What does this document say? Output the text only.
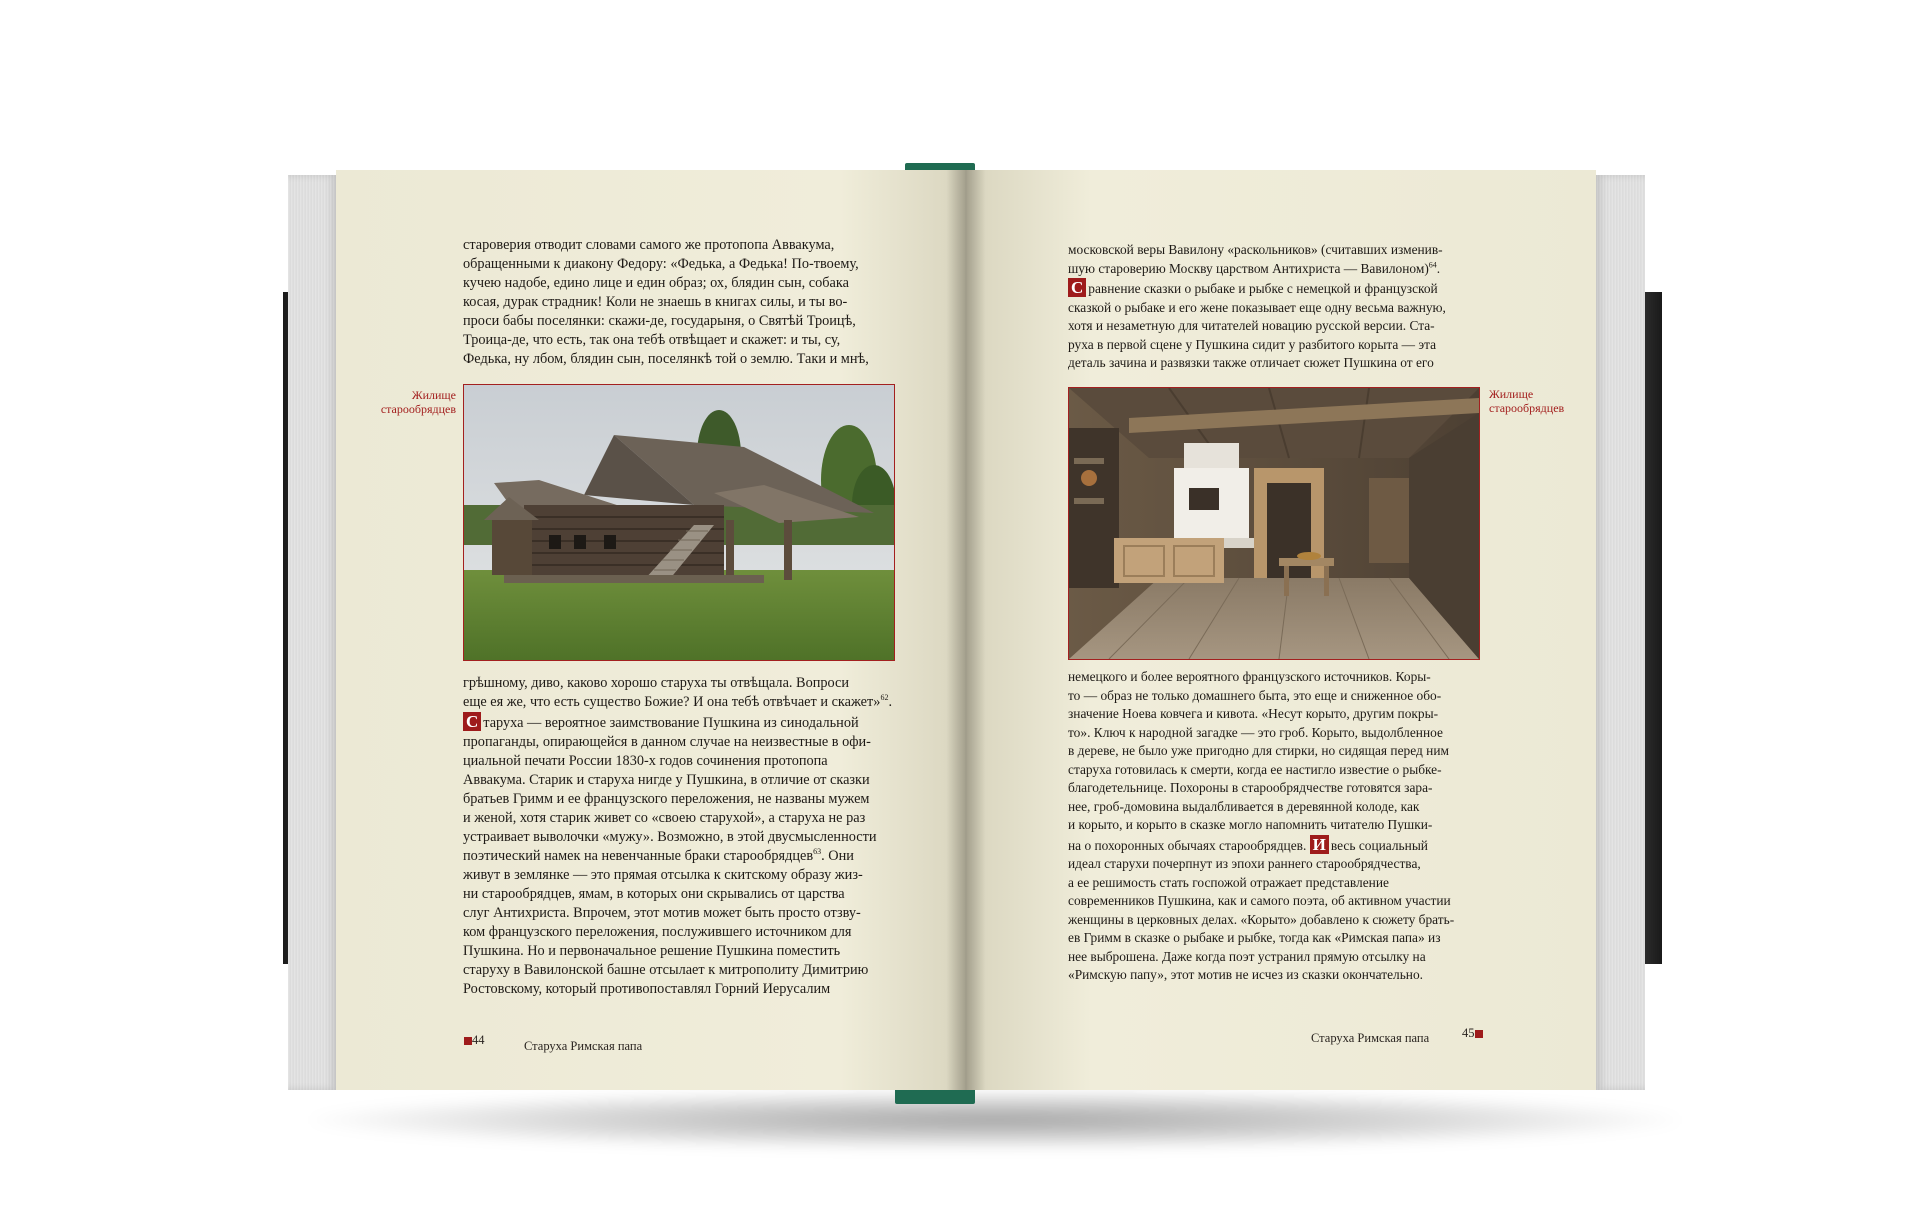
староверия отводит словами самого же протопопа Аввакума,

обращенными к диакону Федору: «Федька, а Федька! По-твоему,

кучею надобе, едино лице и един образ; ох, блядин сын, собака

косая, дурак страдник! Коли не знаешь в книгах силы, и ты во-

проси бабы поселянки: скажи-де, государыня, о Святѣй Троицѣ,

Троица-де, что есть, так она тебѣ отвѣщает и скажет: и ты, су,

Федька, ну лбом, блядин сын, поселянкѣ той о землю. Таки и мнѣ,

Жилище старообрядцев

грѣшному, диво, каково хорошо старуха ты отвѣщала. Вопроси

еще ея же, что есть существо Божие? И она тебѣ отвѣчает и скажет»$^{62}$.

С таруха — вероятное заимствование Пушкина из синодальной

пропаганды, опирающейся в данном случае на неизвестные в офи-

циальной печати России 1830-х годов сочинения протопопа

Аввакума. Старик и старуха нигде у Пушкина, в отличие от сказки

братьев Гримм и ее французского переложения, не названы мужем

и женой, хотя старик живет со «своею старухой», а старуха не раз

устраивает выволочки «мужу». Возможно, в этой двусмысленности

поэтический намек на невенчанные браки старообрядцев$^{63}$. Они

живут в землянке — это прямая отсылка к скитскому образу жиз-

ни старообрядцев, ямам, в которых они скрывались от царства

слуг Антихриста. Впрочем, этот мотив может быть просто отзву-

ком французского переложения, послужившего источником для

Пушкина. Но и первоначальное решение Пушкина поместить

старуху в Вавилонской башне отсылает к митрополиту Димитрию

Ростовскому, который противопоставлял Горний Иерусалим

44	Старуха Римская папа

московской веры Вавилону «раскольников» (считавших изменив-

шую староверию Москву царством Антихриста — Вавилоном)$^{64}$.

С равнение сказки о рыбаке и рыбке с немецкой и французской

сказкой о рыбаке и его жене показывает еще одну весьма важную,

хотя и незаметную для читателей новацию русской версии. Ста-

руха в первой сцене у Пушкина сидит у разбитого корыта — эта

деталь зачина и развязки также отличает сюжет Пушкина от его

Жилище старообрядцев

немецкого и более вероятного французского источников. Коры-

то — образ не только домашнего быта, это еще и сниженное обо-

значение Ноева ковчега и кивота. «Несут корыто, другим покры-

то». Ключ к народной загадке — это гроб. Корыто, выдолбленное

в дереве, не было уже пригодно для стирки, но сидящая перед ним

старуха готовилась к смерти, когда ее настигло известие о рыбке-

благодетельнице. Похороны в старообрядчестве готовятся зара-

нее, гроб-домовина выдалбливается в деревянной колоде, как

и корыто, и корыто в сказке могло напомнить читателю Пушки-

на о похоронных обычаях старообрядцев. И весь социальный

идеал старухи почерпнут из эпохи раннего старообрядчества,

а ее решимость стать госпожой отражает представление

современников Пушкина, как и самого поэта, об активном участии

женщины в церковных делах. «Корыто» добавлено к сюжету брать-

ев Гримм в сказке о рыбаке и рыбке, тогда как «Римская папа» из

нее выброшена. Даже когда поэт устранил прямую отсылку на

«Римскую папу», этот мотив не исчез из сказки окончательно.

Старуха Римская папа	45
